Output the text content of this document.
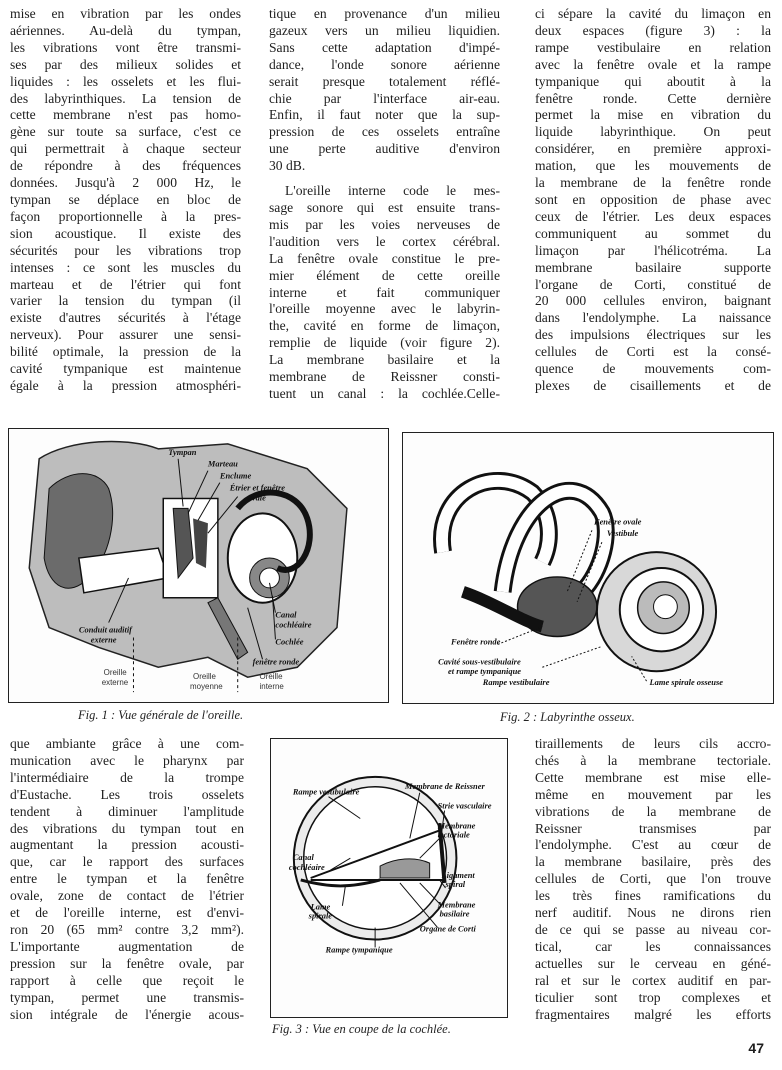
mise en vibration par les ondes

aériennes. Au-delà du tympan,

les vibrations vont être transmi-

ses par des milieux solides et

liquides : les osselets et les flui-

des labyrinthiques. La tension de

cette membrane n'est pas homo-

gène sur toute sa surface, c'est ce

qui permettrait à chaque secteur

de répondre à des fréquences

données. Jusqu'à 2 000 Hz, le

tympan se déplace en bloc de

façon proportionnelle à la pres-

sion acoustique. Il existe des

sécurités pour les vibrations trop

intenses : ce sont les muscles du

marteau et de l'étrier qui font

varier la tension du tympan (il

existe d'autres sécurités à l'étage

nerveux). Pour assurer une sensi-

bilité optimale, la pression de la

cavité tympanique est maintenue

égale à la pression atmosphéri-

tique en provenance d'un milieu

gazeux vers un milieu liquidien.

Sans cette adaptation d'impé-

dance, l'onde sonore aérienne

serait presque totalement réflé-

chie par l'interface air-eau.

Enfin, il faut noter que la sup-

pression de ces osselets entraîne

une perte auditive d'environ

30 dB.

L'oreille interne code le mes-

sage sonore qui est ensuite trans-

mis par les voies nerveuses de

l'audition vers le cortex cérébral.

La fenêtre ovale constitue le pre-

mier élément de cette oreille

interne et fait communiquer

l'oreille moyenne avec le labyrin-

the, cavité en forme de limaçon,

remplie de liquide (voir figure 2).

La membrane basilaire et la

membrane de Reissner consti-

tuent un canal : la cochlée.Celle-

ci sépare la cavité du limaçon en

deux espaces (figure 3) : la

rampe vestibulaire en relation

avec la fenêtre ovale et la rampe

tympanique qui aboutit à la

fenêtre ronde. Cette dernière

permet la mise en vibration du

liquide labyrinthique. On peut

considérer, en première approxi-

mation, que les mouvements de

la membrane de la fenêtre ronde

sont en opposition de phase avec

ceux de l'étrier. Les deux espaces

communiquent au sommet du

limaçon par l'hélicotréma. La

membrane basilaire supporte

l'organe de Corti, constitué de

20 000 cellules environ, baignant

dans l'endolymphe. La naissance

des impulsions électriques sur les

cellules de Corti est la consé-

quence de mouvements com-

plexes de cisaillements et de

Tympan
Marteau
Enclume
Étrier et fenêtre
ovale
Conduit auditif
externe
Canal
cochléaire
Cochlée
fenêtre ronde
Oreille
externe
Oreille
moyenne
Oreille
interne
Fig. 1 : Vue générale de l'oreille.
Fenêtre ovale
Vestibule
Fenêtre ronde
Cavité sous-vestibulaire
et rampe tympanique
Rampe vestibulaire	Lame spirale osseuse
Fig. 2 : Labyrinthe osseux.

que ambiante grâce à une com-

munication avec le pharynx par

l'intermédiaire de la trompe

d'Eustache. Les trois osselets

tendent à diminuer l'amplitude

des vibrations du tympan tout en

augmentant la pression acousti-

que, car le rapport des surfaces

entre le tympan et la fenêtre

ovale, zone de contact de l'étrier

et de l'oreille interne, est d'envi-

ron 20 (65 mm² contre 3,2 mm²).

L'importante augmentation de

pression sur la fenêtre ovale, par

rapport à celle que reçoit le

tympan, permet une transmis-

sion intégrale de l'énergie acous-

Rampe vestibulaire
Membrane de Reissner
Strie vasculaire
Membrane
tectoriale
Canal
cochléaire
Ligament
spiral
Lame
spirale
Membrane
basilaire
Organe de Corti
Rampe tympanique
Fig. 3 : Vue en coupe de la cochlée.

tiraillements de leurs cils accro-

chés à la membrane tectoriale.

Cette membrane est mise elle-

même en mouvement par les

vibrations de la membrane de

Reissner transmises par

l'endolymphe. C'est au cœur de

la membrane basilaire, près des

cellules de Corti, que l'on trouve

les très fines ramifications du

nerf auditif. Nous ne dirons rien

de ce qui se passe au niveau cor-

tical, car les connaissances

actuelles sur le cerveau en géné-

ral et sur le cortex auditif en par-

ticulier sont trop complexes et

fragmentaires malgré les efforts

47
